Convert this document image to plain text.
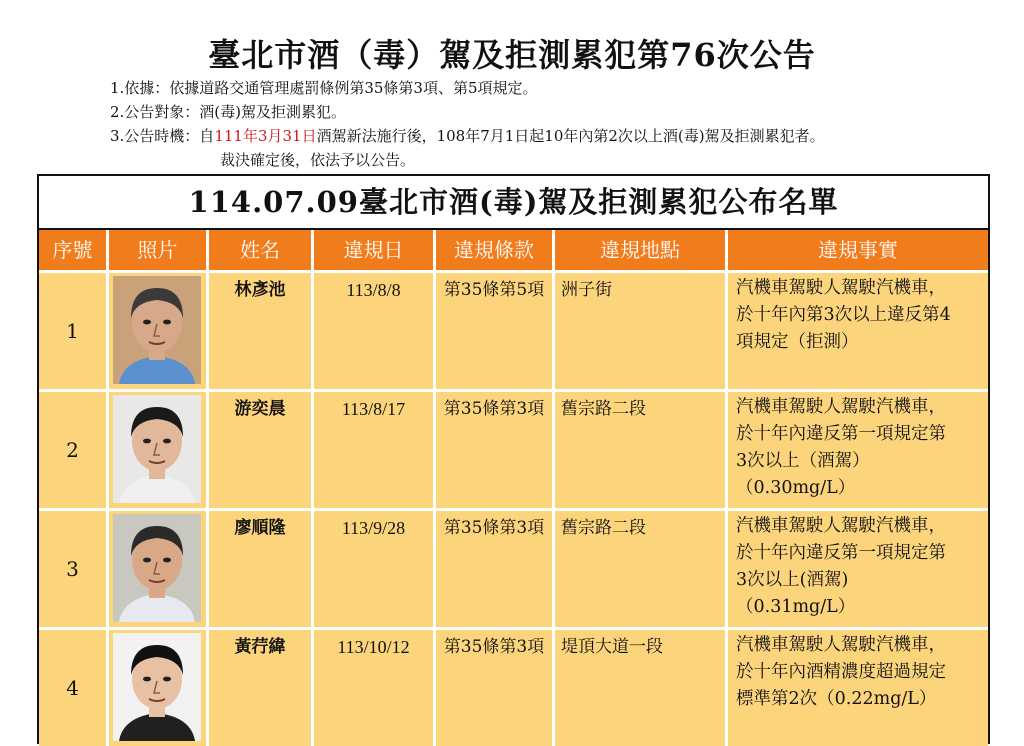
臺北市酒（毒）駕及拒測累犯第76次公告
1.依據：依據道路交通管理處罰條例第35條第3項、第5項規定。
2.公告對象：酒(毒)駕及拒測累犯。
3.公告時機：自111年3月31日酒駕新法施行後，108年7月1日起10年內第2次以上酒(毒)駕及拒測累犯者。
裁決確定後，依法予以公告。
114.07.09臺北市酒(毒)駕及拒測累犯公布名單
序號	照片	姓名	違規日	違規條款	違規地點	違規事實
1
林彥池	113/8/8	第35條第5項 洲子街	汽機車駕駛人駕駛汽機車，
於十年內第3次以上違反第4
項規定（拒測）
2
游奕晨	113/8/17	第35條第3項 舊宗路二段	汽機車駕駛人駕駛汽機車，
於十年內違反第一項規定第
3次以上（酒駕）
（0.30mg/L）
3
廖順隆	113/9/28	第35條第3項 舊宗路二段	汽機車駕駛人駕駛汽機車，
於十年內違反第一項規定第
3次以上(酒駕)
（0.31mg/L）
4
黃荇緯	113/10/12	第35條第3項 堤頂大道一段	汽機車駕駛人駕駛汽機車，
於十年內酒精濃度超過規定
標準第2次（0.22mg/L）
